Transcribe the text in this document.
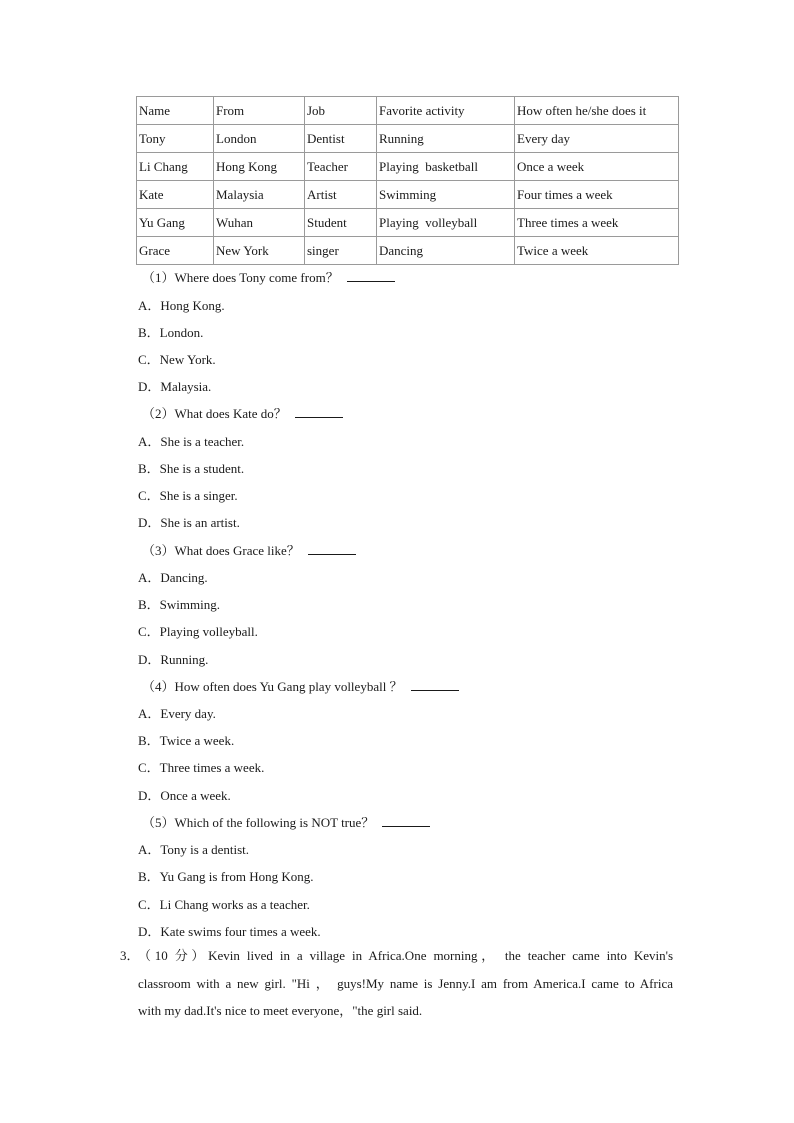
Name	From	Job	Favorite activity	How often he/she does it
Tony	London	Dentist	Running	Every day
Li Chang	Hong Kong	Teacher	Playing  basketball	Once a week
Kate	Malaysia	Artist	Swimming	Four times a week
Yu Gang	Wuhan	Student	Playing  volleyball	Three times a week
Grace	New York	singer	Dancing	Twice a week
（1）Where does Tony come from？
A．Hong Kong.
B．London.
C．New York.
D．Malaysia.
（2）What does Kate do？
A．She is a teacher.
B．She is a student.
C．She is a singer.
D．She is an artist.
（3）What does Grace like？
A．Dancing.
B．Swimming.
C．Playing volleyball.
D．Running.
（4）How often does Yu Gang play volleyball ？
A．Every day.
B．Twice a week.
C．Three times a week.
D．Once a week.
（5）Which of the following is NOT true？
A．Tony is a dentist.
B．Yu Gang is from Hong Kong.
C．Li Chang works as a teacher.
D．Kate swims four times a week.
3．
（10 分）Kevin lived in a village in Africa.One morning， the teacher came into Kevin's
classroom with a new girl. "Hi ， guys!My name is Jenny.I am from America.I came to Africa
with my dad.It's nice to meet everyone，"the girl said.
